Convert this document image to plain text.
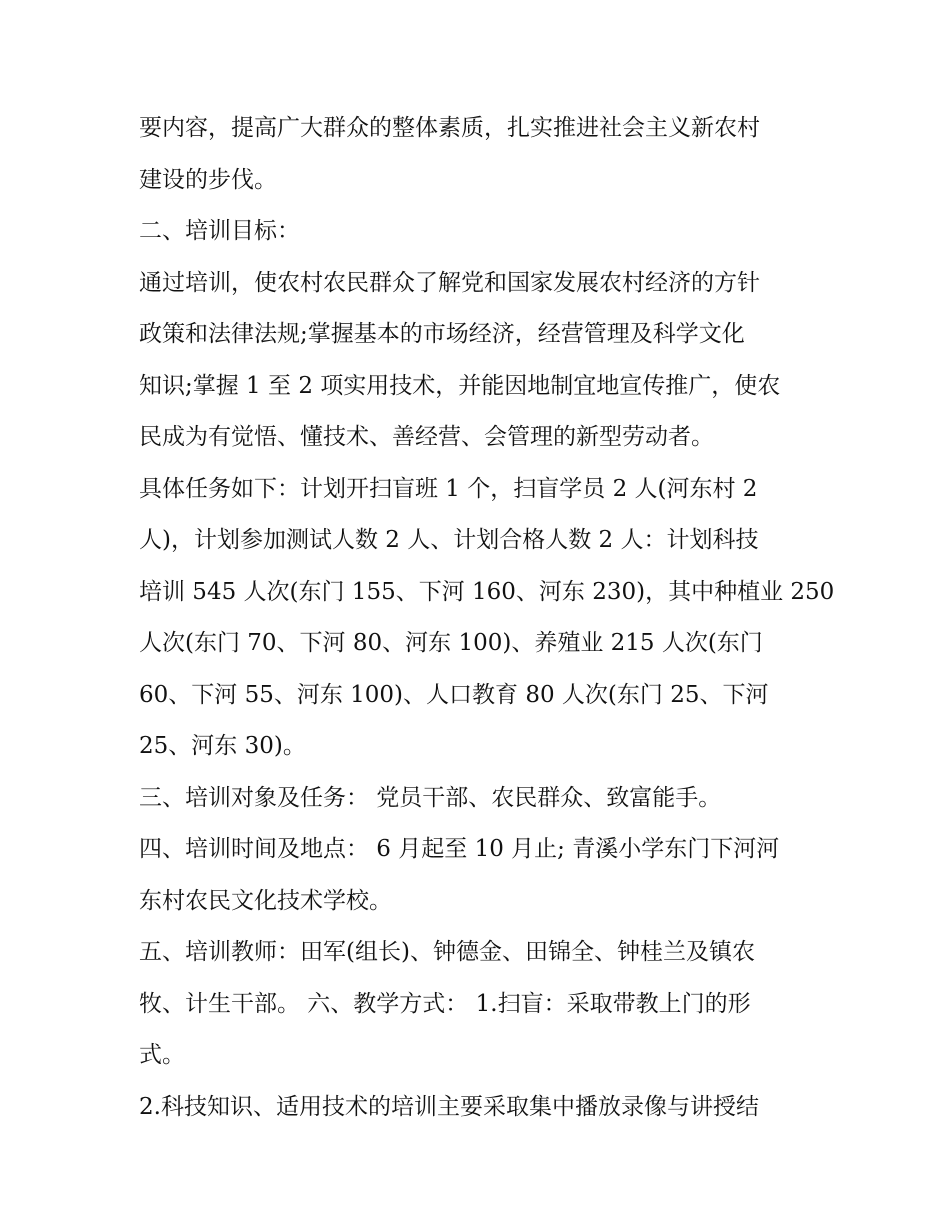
要内容，提高广大群众的整体素质，扎实推进社会主义新农村
建设的步伐。
二、培训目标：
通过培训，使农村农民群众了解党和国家发展农村经济的方针
政策和法律法规;掌握基本的市场经济，经营管理及科学文化
知识;掌握 1 至 2 项实用技术，并能因地制宜地宣传推广，使农
民成为有觉悟、懂技术、善经营、会管理的新型劳动者。
具体任务如下：计划开扫盲班 1 个，扫盲学员 2 人(河东村 2
人)，计划参加测试人数 2 人、计划合格人数 2 人：计划科技
培训 545 人次(东门 155、下河 160、河东 230)，其中种植业 250
人次(东门 70、下河 80、河东 100)、养殖业 215 人次(东门
60、下河 55、河东 100)、人口教育 80 人次(东门 25、下河
25、河东 30)。
三、培训对象及任务： 党员干部、农民群众、致富能手。
四、培训时间及地点： 6 月起至 10 月止; 青溪小学东门下河河
东村农民文化技术学校。
五、培训教师：田军(组长)、钟德金、田锦全、钟桂兰及镇农
牧、计生干部。 六、教学方式： 1.扫盲：采取带教上门的形
式。
2.科技知识、适用技术的培训主要采取集中播放录像与讲授结
